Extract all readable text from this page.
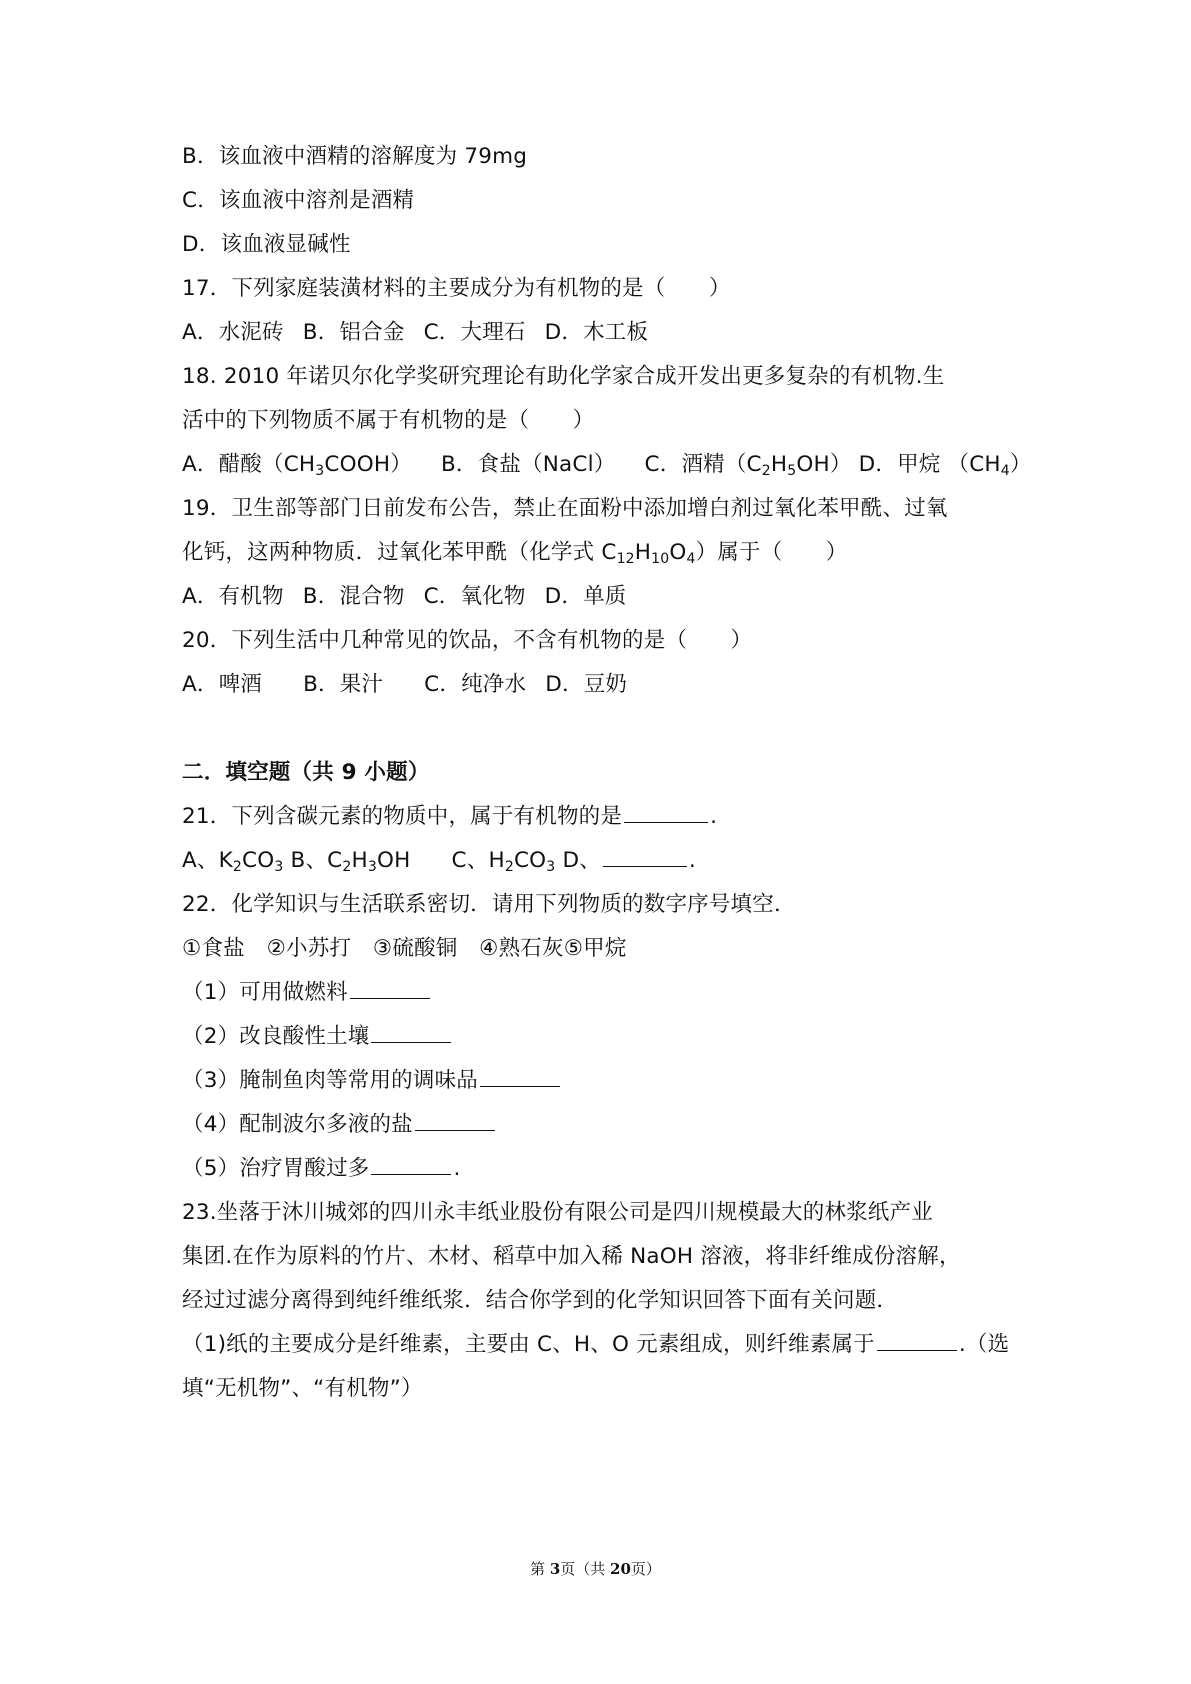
B．该血液中酒精的溶解度为 79mg
C．该血液中溶剂是酒精
D．该血液显碱性
17．下列家庭装潢材料的主要成分为有机物的是（　　）
A．水泥砖 B．铝合金 C．大理石 D．木工板
18. 2010 年诺贝尔化学奖研究理论有助化学家合成开发出更多复杂的有机物.生
活中的下列物质不属于有机物的是（　　）
A．醋酸$(CH_3COOH)$ B．食盐（NaCl） C．酒精$(C_2H_5OH)$ D．甲烷 $(CH_4)$
19．卫生部等部门日前发布公告，禁止在面粉中添加增白剂过氧化苯甲酰、过氧
化钙，这两种物质．过氧化苯甲酰（化学式 $C_{12}H_{10}O_4$）属于（　　）
A．有机物 B．混合物 C．氧化物 D．单质
20．下列生活中几种常见的饮品，不含有机物的是（　　）
A．啤酒 B．果汁 C．纯净水 D．豆奶
二．填空题（共 9 小题）
21．下列含碳元素的物质中，属于有机物的是	.
A、$K_2CO_3$ B、$C_2H_3OH$ C、$H_2CO_3$ D、	.
22．化学知识与生活联系密切．请用下列物质的数字序号填空．
①食盐　②小苏打　③硫酸铜　④熟石灰⑤甲烷
（1）可用做燃料
（2）改良酸性土壤
（3）腌制鱼肉等常用的调味品
（4）配制波尔多液的盐
（5）治疗胃酸过多	.
23.坐落于沐川城郊的四川永丰纸业股份有限公司是四川规模最大的林浆纸产业
集团.在作为原料的竹片、木材、稻草中加入稀 NaOH 溶液，将非纤维成份溶解，
经过过滤分离得到纯纤维纸浆．结合你学到的化学知识回答下面有关问题．
（1)纸的主要成分是纤维素，主要由 C、H、O 元素组成，则纤维素属于	.（选
填“无机物”、“有机物”）
第 3页（共 20页）
